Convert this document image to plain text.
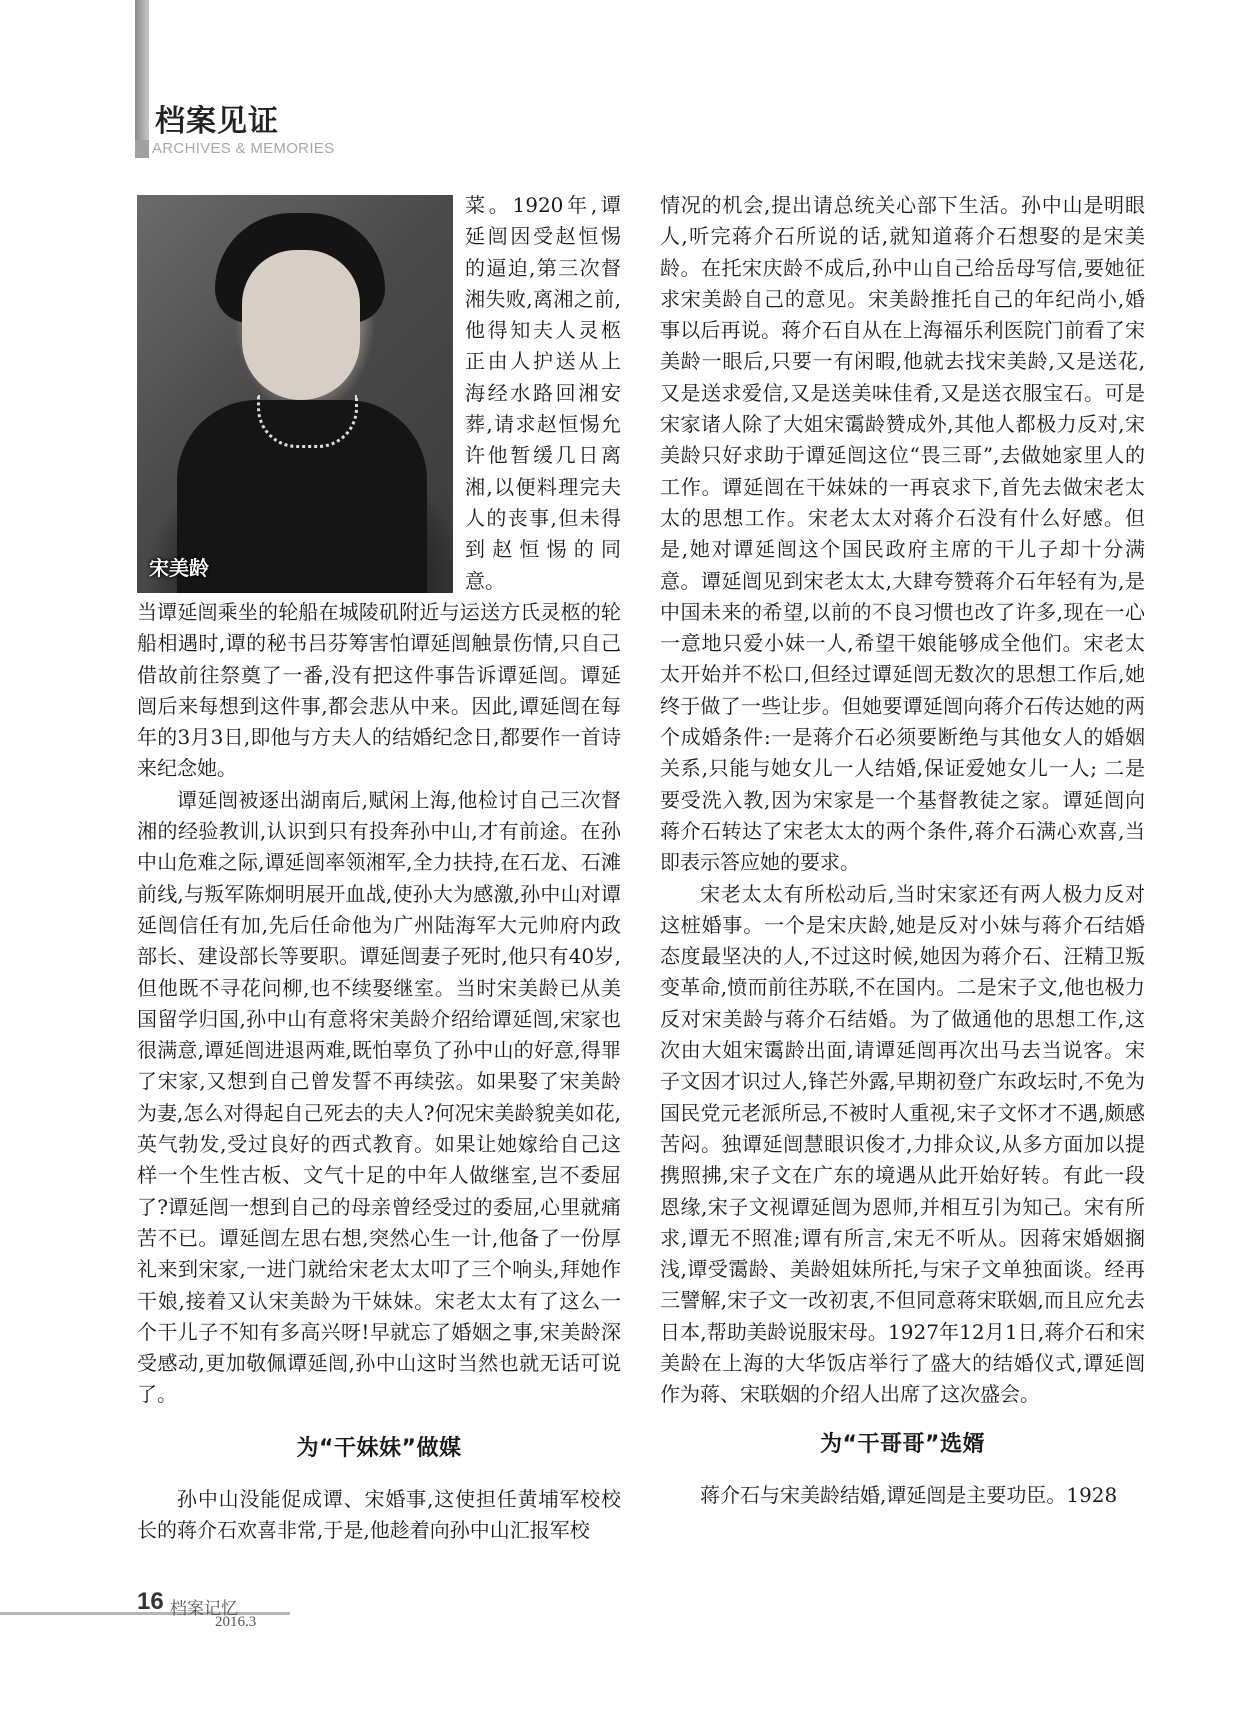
档案见证
ARCHIVES & MEMORIES
宋美龄

菜。1920年,谭延闿因受赵恒惕的逼迫,第三次督湘失败,离湘之前,他得知夫人灵柩正由人护送从上海经水路回湘安葬,请求赵恒惕允许他暂缓几日离湘,以便料理完夫人的丧事,但未得到赵恒惕的同意。

当谭延闿乘坐的轮船在城陵矶附近与运送方氏灵柩的轮船相遇时,谭的秘书吕芬筹害怕谭延闿触景伤情,只自己借故前往祭奠了一番,没有把这件事告诉谭延闿。谭延闿后来每想到这件事,都会悲从中来。因此,谭延闿在每年的3月3日,即他与方夫人的结婚纪念日,都要作一首诗来纪念她。

谭延闿被逐出湖南后,赋闲上海,他检讨自己三次督湘的经验教训,认识到只有投奔孙中山,才有前途。在孙中山危难之际,谭延闿率领湘军,全力扶持,在石龙、石滩前线,与叛军陈炯明展开血战,使孙大为感激,孙中山对谭延闿信任有加,先后任命他为广州陆海军大元帅府内政部长、建设部长等要职。谭延闿妻子死时,他只有40岁,但他既不寻花问柳,也不续娶继室。当时宋美龄已从美国留学归国,孙中山有意将宋美龄介绍给谭延闿,宋家也很满意,谭延闿进退两难,既怕辜负了孙中山的好意,得罪了宋家,又想到自己曾发誓不再续弦。如果娶了宋美龄为妻,怎么对得起自己死去的夫人?何况宋美龄貌美如花,英气勃发,受过良好的西式教育。如果让她嫁给自己这样一个生性古板、文气十足的中年人做继室,岂不委屈了?谭延闿一想到自己的母亲曾经受过的委屈,心里就痛苦不已。谭延闿左思右想,突然心生一计,他备了一份厚礼来到宋家,一进门就给宋老太太叩了三个响头,拜她作干娘,接着又认宋美龄为干妹妹。宋老太太有了这么一个干儿子不知有多高兴呀!早就忘了婚姻之事,宋美龄深受感动,更加敬佩谭延闿,孙中山这时当然也就无话可说了。

为“干妹妹”做媒

孙中山没能促成谭、宋婚事,这使担任黄埔军校校长的蒋介石欢喜非常,于是,他趁着向孙中山汇报军校

情况的机会,提出请总统关心部下生活。孙中山是明眼人,听完蒋介石所说的话,就知道蒋介石想娶的是宋美龄。在托宋庆龄不成后,孙中山自己给岳母写信,要她征求宋美龄自己的意见。宋美龄推托自己的年纪尚小,婚事以后再说。蒋介石自从在上海福乐利医院门前看了宋美龄一眼后,只要一有闲暇,他就去找宋美龄,又是送花,又是送求爱信,又是送美味佳肴,又是送衣服宝石。可是宋家诸人除了大姐宋霭龄赞成外,其他人都极力反对,宋美龄只好求助于谭延闿这位“畏三哥”,去做她家里人的工作。谭延闿在干妹妹的一再哀求下,首先去做宋老太太的思想工作。宋老太太对蒋介石没有什么好感。但是,她对谭延闿这个国民政府主席的干儿子却十分满意。谭延闿见到宋老太太,大肆夸赞蒋介石年轻有为,是中国未来的希望,以前的不良习惯也改了许多,现在一心一意地只爱小妹一人,希望干娘能够成全他们。宋老太太开始并不松口,但经过谭延闿无数次的思想工作后,她终于做了一些让步。但她要谭延闿向蒋介石传达她的两个成婚条件:一是蒋介石必须要断绝与其他女人的婚姻关系,只能与她女儿一人结婚,保证爱她女儿一人; 二是要受洗入教,因为宋家是一个基督教徒之家。谭延闿向蒋介石转达了宋老太太的两个条件,蒋介石满心欢喜,当即表示答应她的要求。

宋老太太有所松动后,当时宋家还有两人极力反对这桩婚事。一个是宋庆龄,她是反对小妹与蒋介石结婚态度最坚决的人,不过这时候,她因为蒋介石、汪精卫叛变革命,愤而前往苏联,不在国内。二是宋子文,他也极力反对宋美龄与蒋介石结婚。为了做通他的思想工作,这次由大姐宋霭龄出面,请谭延闿再次出马去当说客。宋子文因才识过人,锋芒外露,早期初登广东政坛时,不免为国民党元老派所忌,不被时人重视,宋子文怀才不遇,颇感苦闷。独谭延闿慧眼识俊才,力排众议,从多方面加以提携照拂,宋子文在广东的境遇从此开始好转。有此一段恩缘,宋子文视谭延闿为恩师,并相互引为知己。宋有所求,谭无不照准;谭有所言,宋无不听从。因蒋宋婚姻搁浅,谭受霭龄、美龄姐妹所托,与宋子文单独面谈。经再三譬解,宋子文一改初衷,不但同意蒋宋联姻,而且应允去日本,帮助美龄说服宋母。1927年12月1日,蒋介石和宋美龄在上海的大华饭店举行了盛大的结婚仪式,谭延闿作为蒋、宋联姻的介绍人出席了这次盛会。

为“干哥哥”选婿

蒋介石与宋美龄结婚,谭延闿是主要功臣。1928

16 档案记忆
2016.3
